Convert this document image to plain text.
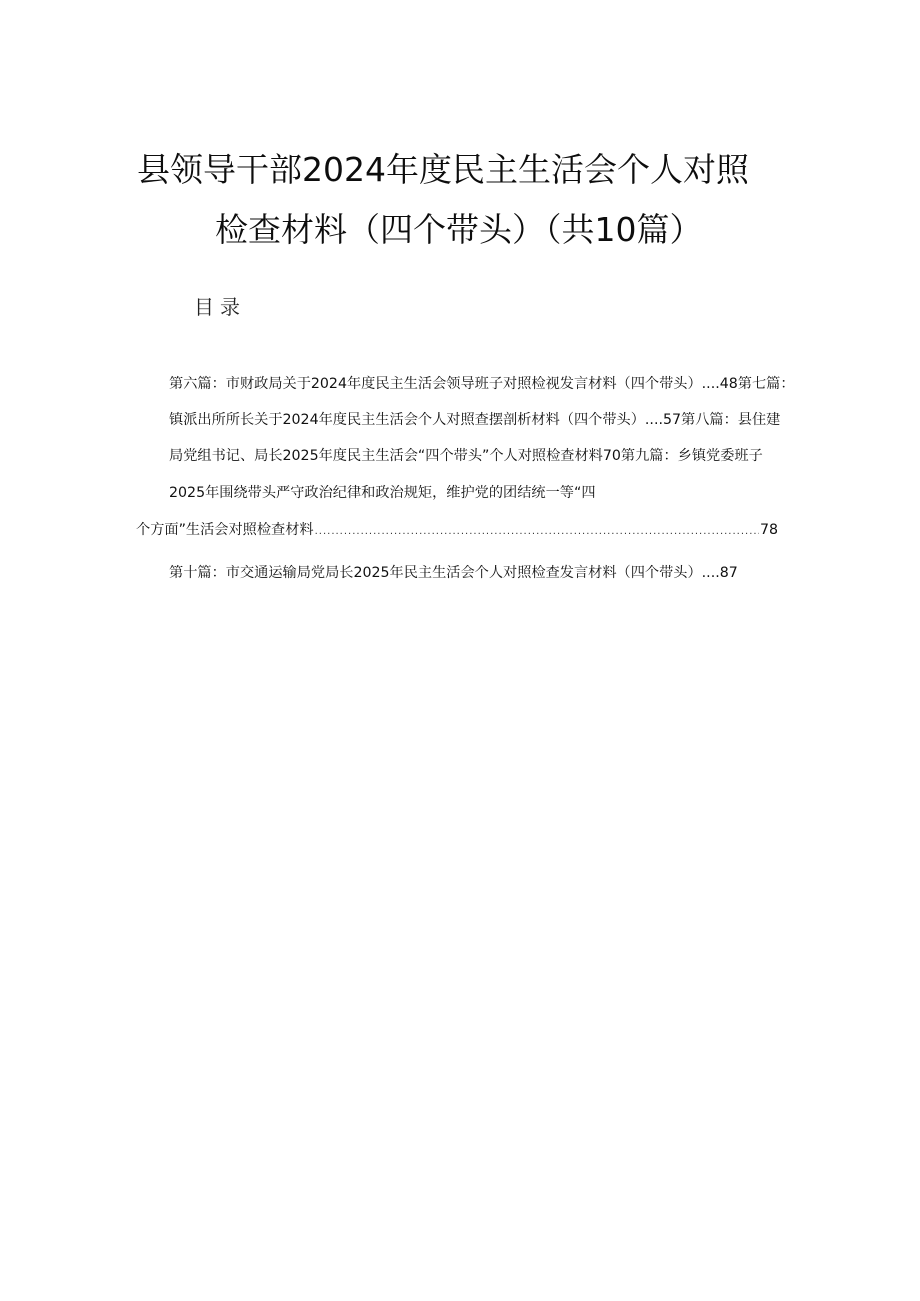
县领导干部2024年度民主生活会个人对照
检查材料（四个带头）（共10篇）
目录
第六篇：市财政局关于2024年度民主生活会领导班子对照检视发言材料（四个带头）....48第七篇：
镇派出所所长关于2024年度民主生活会个人对照查摆剖析材料（四个带头）....57第八篇：县住建
局党组书记、局长2025年度民主生活会“四个带头”个人对照检查材料70第九篇：乡镇党委班子
2025年围绕带头严守政治纪律和政治规矩，维护党的团结统一等“四
个方面”生活会对照检查材料
.....	78
第十篇：市交通运输局党局长2025年民主生活会个人对照检查发言材料（四个带头）....87
